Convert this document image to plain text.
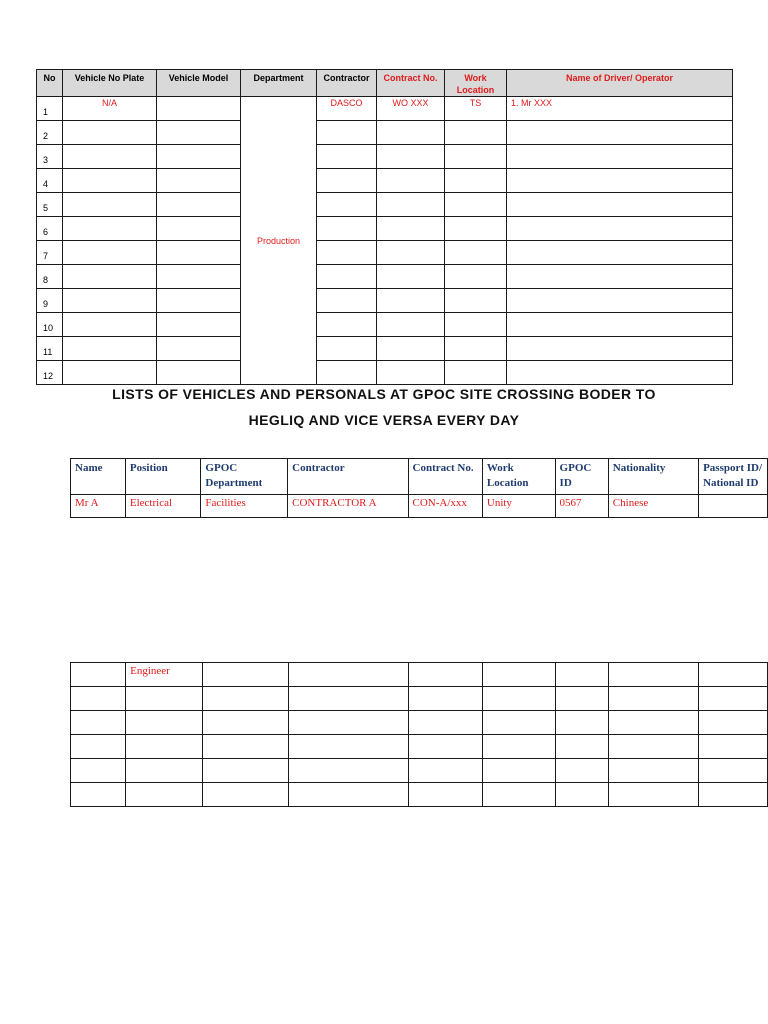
No	Vehicle No Plate	Vehicle Model	Department	Contractor	Contract No.	Work Location	Name of Driver/ Operator
1	N/A		Production	DASCO	WO XXX	TS	1. Mr XXX
2							
3							
4							
5							
6							
7							
8							
9							
10							
11							
12							
LISTS OF VEHICLES AND PERSONALS AT GPOC SITE CROSSING BODER TO
HEGLIQ AND VICE VERSA EVERY DAY
Name	Position	GPOC Department	Contractor	Contract No.	Work Location	GPOC ID	Nationality	Passport ID/ National ID
Mr A	Electrical	Facilities	CONTRACTOR A	CON-A/xxx	Unity	0567	Chinese	
	Engineer							
